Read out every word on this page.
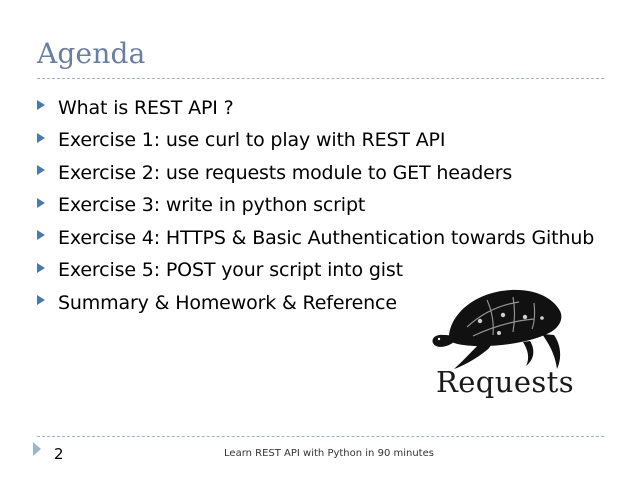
Agenda
What is REST API ?
Exercise 1: use curl to play with REST API
Exercise 2: use requests module to GET headers
Exercise 3: write in python script
Exercise 4: HTTPS & Basic Authentication towards Github
Exercise 5: POST your script into gist
Summary & Homework & Reference
Requests
2	Learn REST API with Python in 90 minutes
